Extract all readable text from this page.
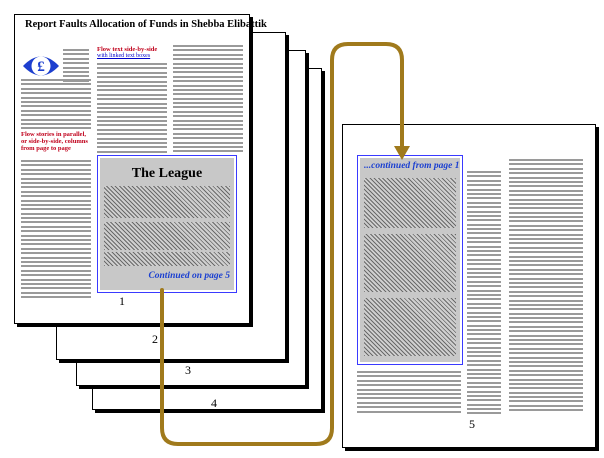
4
3
2
Report Faults Allocation of Funds in Shebba Elibattik
£
Flow stories in parallel, or side-by-side, columns from page to page
Flow text side-by-side
with linked text boxes
The League
Continued on page 5
1
...continued from page 1
5
